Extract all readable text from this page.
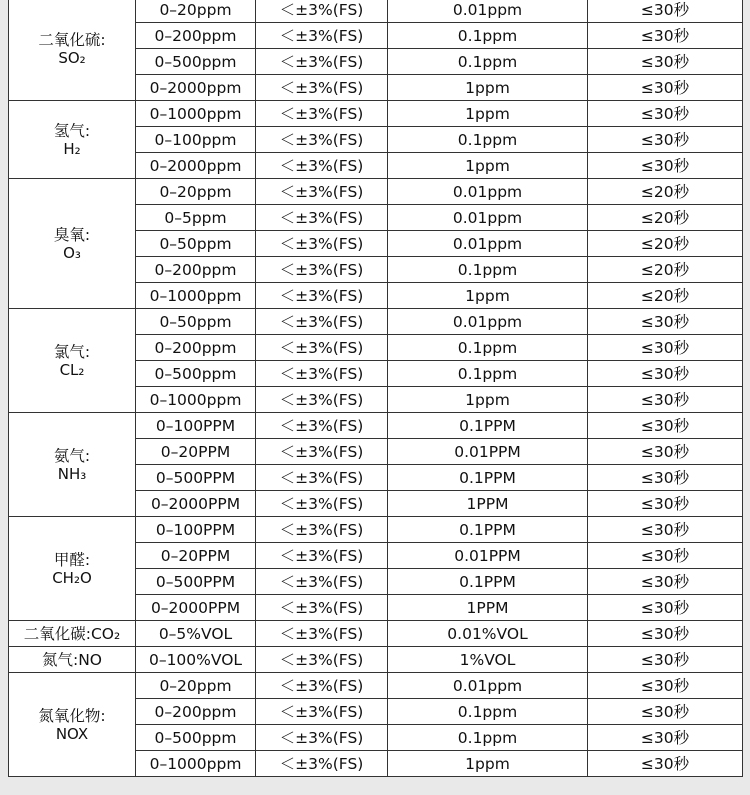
二氧化硫:
SO₂	0–20ppm	＜±3%(FS)	0.01ppm	≤30秒
	0–200ppm	＜±3%(FS)	0.1ppm	≤30秒
	0–500ppm	＜±3%(FS)	0.1ppm	≤30秒
	0–2000ppm	＜±3%(FS)	1ppm	≤30秒

氢气:
H₂	0–1000ppm	＜±3%(FS)	1ppm	≤30秒
	0–100ppm	＜±3%(FS)	0.1ppm	≤30秒
	0–2000ppm	＜±3%(FS)	1ppm	≤30秒

臭氧:
O₃	0–20ppm	＜±3%(FS)	0.01ppm	≤20秒
	0–5ppm	＜±3%(FS)	0.01ppm	≤20秒
	0–50ppm	＜±3%(FS)	0.01ppm	≤20秒
	0–200ppm	＜±3%(FS)	0.1ppm	≤20秒
	0–1000ppm	＜±3%(FS)	1ppm	≤20秒

氯气:
CL₂	0–50ppm	＜±3%(FS)	0.01ppm	≤30秒
	0–200ppm	＜±3%(FS)	0.1ppm	≤30秒
	0–500ppm	＜±3%(FS)	0.1ppm	≤30秒
	0–1000ppm	＜±3%(FS)	1ppm	≤30秒

氨气:
NH₃	0–100PPM	＜±3%(FS)	0.1PPM	≤30秒
	0–20PPM	＜±3%(FS)	0.01PPM	≤30秒
	0–500PPM	＜±3%(FS)	0.1PPM	≤30秒
	0–2000PPM	＜±3%(FS)	1PPM	≤30秒

甲醛:
CH₂O	0–100PPM	＜±3%(FS)	0.1PPM	≤30秒
	0–20PPM	＜±3%(FS)	0.01PPM	≤30秒
	0–500PPM	＜±3%(FS)	0.1PPM	≤30秒
	0–2000PPM	＜±3%(FS)	1PPM	≤30秒

二氧化碳:CO₂	0–5%VOL	＜±3%(FS)	0.01%VOL	≤30秒

氮气:NO	0–100%VOL	＜±3%(FS)	1%VOL	≤30秒

氮氧化物:
NOX	0–20ppm	＜±3%(FS)	0.01ppm	≤30秒
	0–200ppm	＜±3%(FS)	0.1ppm	≤30秒
	0–500ppm	＜±3%(FS)	0.1ppm	≤30秒
	0–1000ppm	＜±3%(FS)	1ppm	≤30秒
